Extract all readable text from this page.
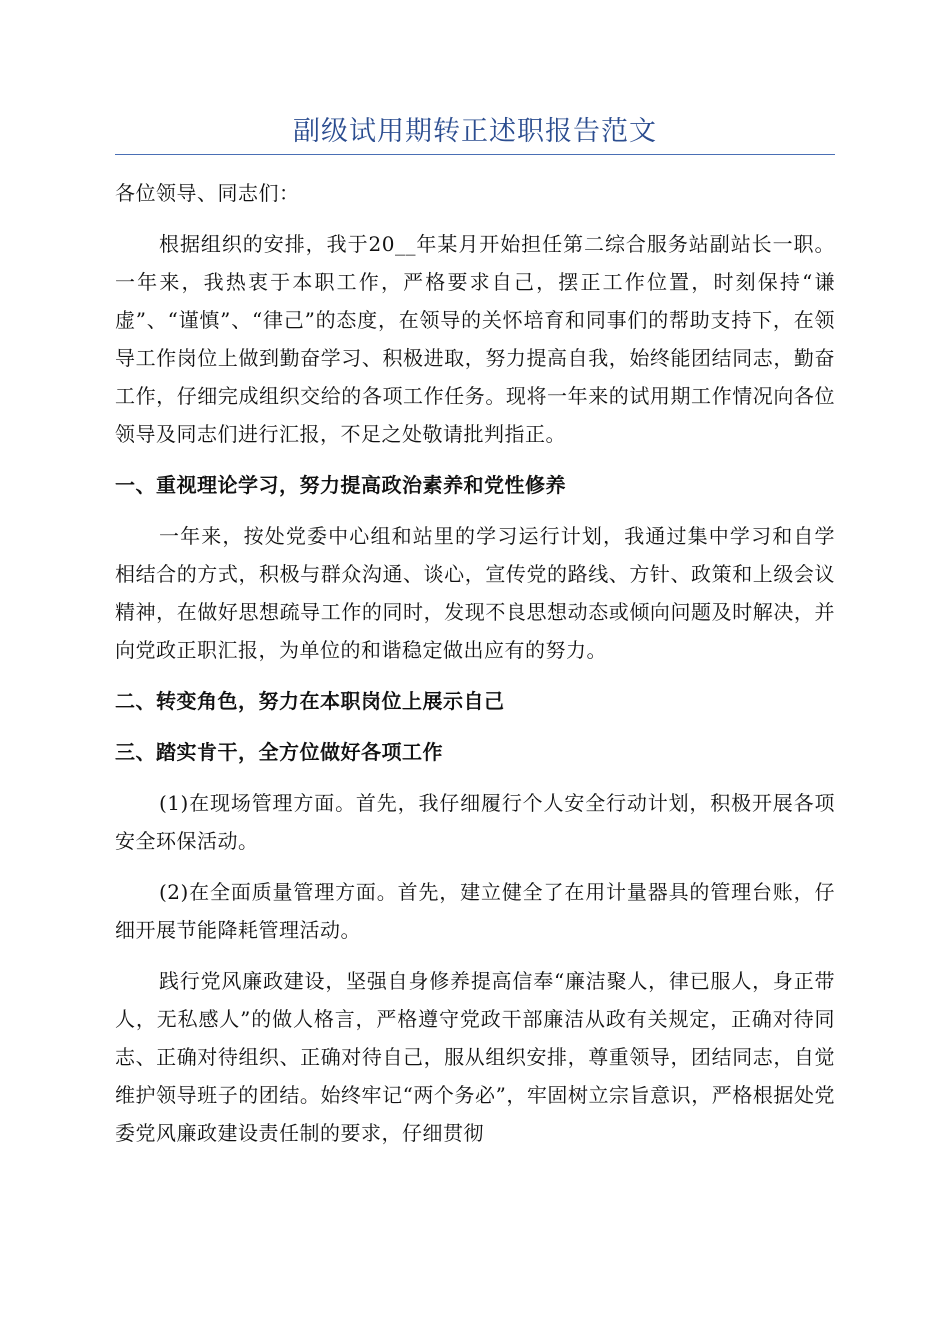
副级试用期转正述职报告范文

各位领导、同志们：

根据组织的安排，我于20__年某月开始担任第二综合服务站副站长一职。一年来，我热衷于本职工作，严格要求自己，摆正工作位置，时刻保持“谦虚”、“谨慎”、“律己”的态度，在领导的关怀培育和同事们的帮助支持下，在领导工作岗位上做到勤奋学习、积极进取，努力提高自我，始终能团结同志，勤奋工作，仔细完成组织交给的各项工作任务。现将一年来的试用期工作情况向各位领导及同志们进行汇报，不足之处敬请批判指正。

一、重视理论学习，努力提高政治素养和党性修养

一年来，按处党委中心组和站里的学习运行计划，我通过集中学习和自学相结合的方式，积极与群众沟通、谈心，宣传党的路线、方针、政策和上级会议精神，在做好思想疏导工作的同时，发现不良思想动态或倾向问题及时解决，并向党政正职汇报，为单位的和谐稳定做出应有的努力。

二、转变角色，努力在本职岗位上展示自己

三、踏实肯干，全方位做好各项工作

(1)在现场管理方面。首先，我仔细履行个人安全行动计划，积极开展各项安全环保活动。

(2)在全面质量管理方面。首先，建立健全了在用计量器具的管理台账，仔细开展节能降耗管理活动。

践行党风廉政建设，坚强自身修养提高信奉“廉洁聚人，律已服人，身正带人，无私感人”的做人格言，严格遵守党政干部廉洁从政有关规定，正确对待同志、正确对待组织、正确对待自己，服从组织安排，尊重领导，团结同志，自觉维护领导班子的团结。始终牢记“两个务必”，牢固树立宗旨意识，严格根据处党委党风廉政建设责任制的要求，仔细贯彻
